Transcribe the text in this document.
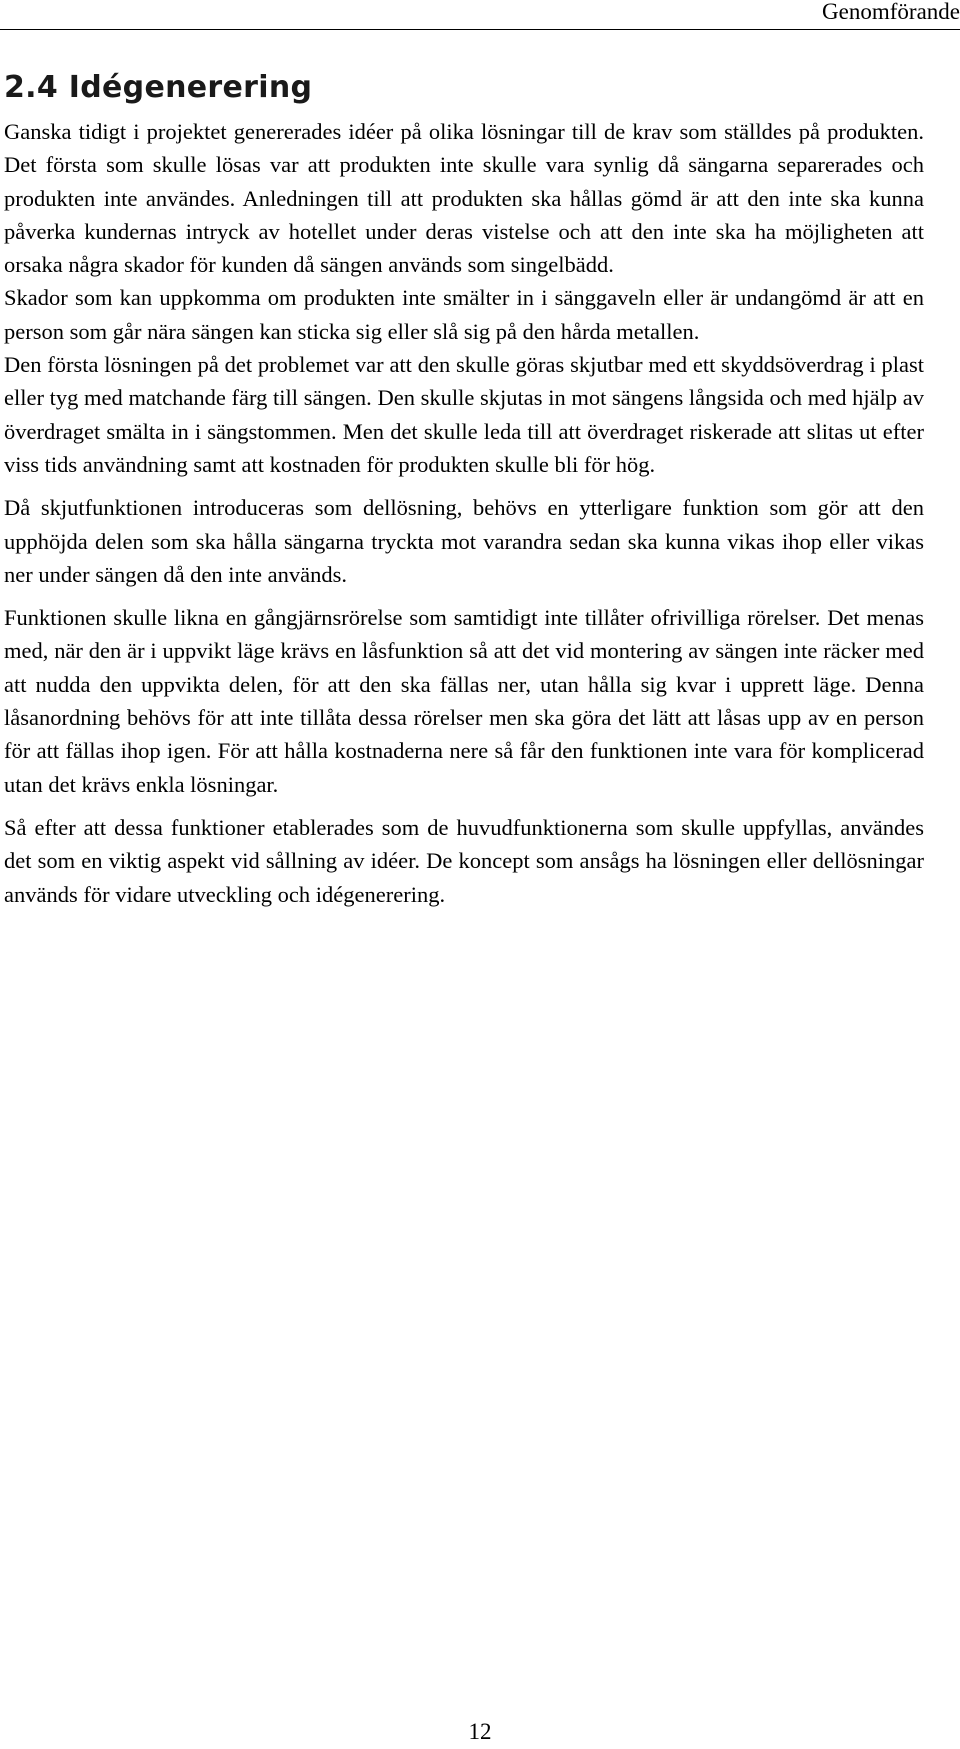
Genomförande
2.4 Idégenerering

Ganska tidigt i projektet genererades idéer på olika lösningar till de krav som ställdes på produkten. Det första som skulle lösas var att produkten inte skulle vara synlig då sängarna separerades och produkten inte användes. Anledningen till att produkten ska hållas gömd är att den inte ska kunna påverka kundernas intryck av hotellet under deras vistelse och att den inte ska ha möjligheten att orsaka några skador för kunden då sängen används som singelbädd.

Skador som kan uppkomma om produkten inte smälter in i sänggaveln eller är undangömd är att en person som går nära sängen kan sticka sig eller slå sig på den hårda metallen.

Den första lösningen på det problemet var att den skulle göras skjutbar med ett skyddsöverdrag i plast eller tyg med matchande färg till sängen. Den skulle skjutas in mot sängens långsida och med hjälp av överdraget smälta in i sängstommen. Men det skulle leda till att överdraget riskerade att slitas ut efter viss tids användning samt att kostnaden för produkten skulle bli för hög.

Då skjutfunktionen introduceras som dellösning, behövs en ytterligare funktion som gör att den upphöjda delen som ska hålla sängarna tryckta mot varandra sedan ska kunna vikas ihop eller vikas ner under sängen då den inte används.

Funktionen skulle likna en gångjärnsrörelse som samtidigt inte tillåter ofrivilliga rörelser. Det menas med, när den är i uppvikt läge krävs en låsfunktion så att det vid montering av sängen inte räcker med att nudda den uppvikta delen, för att den ska fällas ner, utan hålla sig kvar i upprett läge. Denna låsanordning behövs för att inte tillåta dessa rörelser men ska göra det lätt att låsas upp av en person för att fällas ihop igen. För att hålla kostnaderna nere så får den funktionen inte vara för komplicerad utan det krävs enkla lösningar.

Så efter att dessa funktioner etablerades som de huvudfunktionerna som skulle uppfyllas, användes det som en viktig aspekt vid sållning av idéer. De koncept som ansågs ha lösningen eller dellösningar används för vidare utveckling och idégenerering.

12
